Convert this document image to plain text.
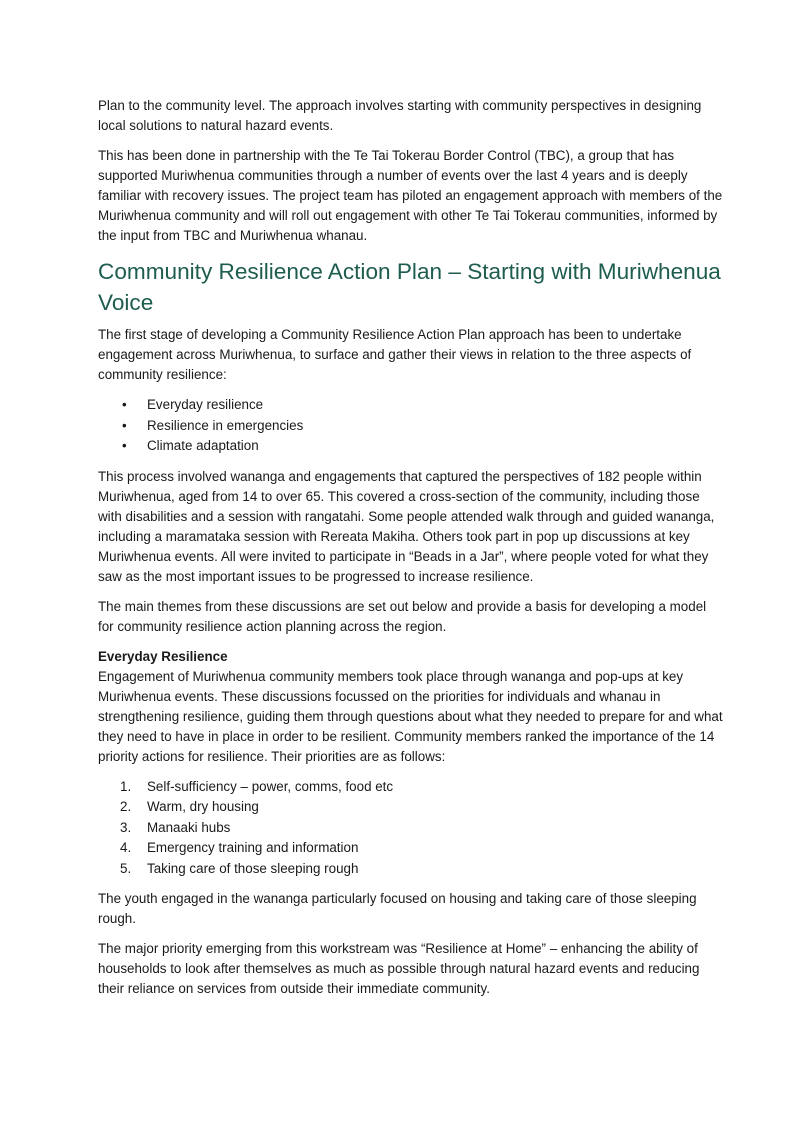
Plan to the community level. The approach involves starting with community perspectives in designing local solutions to natural hazard events.

This has been done in partnership with the Te Tai Tokerau Border Control (TBC), a group that has supported Muriwhenua communities through a number of events over the last 4 years and is deeply familiar with recovery issues. The project team has piloted an engagement approach with members of the Muriwhenua community and will roll out engagement with other Te Tai Tokerau communities, informed by the input from TBC and Muriwhenua whanau.

Community Resilience Action Plan – Starting with Muriwhenua Voice

The first stage of developing a Community Resilience Action Plan approach has been to undertake engagement across Muriwhenua, to surface and gather their views in relation to the three aspects of community resilience:

• Everyday resilience
• Resilience in emergencies
• Climate adaptation

This process involved wananga and engagements that captured the perspectives of 182 people within Muriwhenua, aged from 14 to over 65. This covered a cross-section of the community, including those with disabilities and a session with rangatahi. Some people attended walk through and guided wananga, including a maramataka session with Rereata Makiha. Others took part in pop up discussions at key Muriwhenua events. All were invited to participate in “Beads in a Jar”, where people voted for what they saw as the most important issues to be progressed to increase resilience.

The main themes from these discussions are set out below and provide a basis for developing a model for community resilience action planning across the region.

Everyday Resilience

Engagement of Muriwhenua community members took place through wananga and pop-ups at key Muriwhenua events. These discussions focussed on the priorities for individuals and whanau in strengthening resilience, guiding them through questions about what they needed to prepare for and what they need to have in place in order to be resilient. Community members ranked the importance of the 14 priority actions for resilience. Their priorities are as follows:

1. Self-sufficiency – power, comms, food etc
2. Warm, dry housing
3. Manaaki hubs
4. Emergency training and information
5. Taking care of those sleeping rough

The youth engaged in the wananga particularly focused on housing and taking care of those sleeping rough.

The major priority emerging from this workstream was “Resilience at Home” – enhancing the ability of households to look after themselves as much as possible through natural hazard events and reducing their reliance on services from outside their immediate community.
